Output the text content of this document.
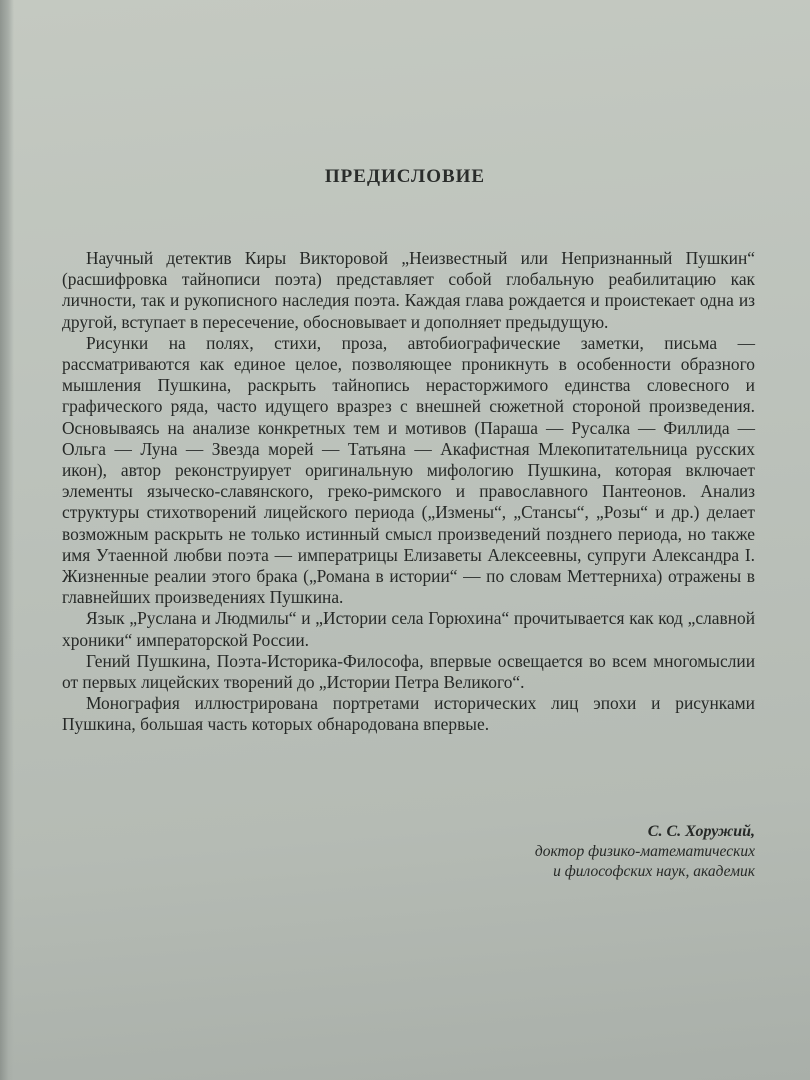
ПРЕДИСЛОВИЕ

Научный детектив Киры Викторовой „Неизвестный или Непризнанный Пушкин“ (расшифровка тайнописи поэта) представляет собой глобальную реабилитацию как личности, так и рукописного наследия поэта. Каждая глава рождается и проистекает одна из другой, вступает в пересечение, обосновывает и дополняет предыдущую.

Рисунки на полях, стихи, проза, автобиографические заметки, письма — рассматриваются как единое целое, позволяющее проникнуть в особенности образного мышления Пушкина, раскрыть тайнопись нерасторжимого единства словесного и графического ряда, часто идущего вразрез с внешней сюжетной стороной произведения. Основываясь на анализе конкретных тем и мотивов (Параша — Русалка — Филлида — Ольга — Луна — Звезда морей — Татьяна — Акафистная Млекопитательница русских икон), автор реконструирует оригинальную мифологию Пушкина, которая включает элементы языческо-славянского, греко-римского и православного Пантеонов. Анализ структуры стихотворений лицейского периода („Измены“, „Стансы“, „Розы“ и др.) делает возможным раскрыть не только истинный смысл произведений позднего периода, но также имя Утаенной любви поэта — императрицы Елизаветы Алексеевны, супруги Александра I. Жизненные реалии этого брака („Романа в истории“ — по словам Меттерниха) отражены в главнейших произведениях Пушкина.

Язык „Руслана и Людмилы“ и „Истории села Горюхина“ прочитывается как код „славной хроники“ императорской России.

Гений Пушкина, Поэта-Историка-Философа, впервые освещается во всем многомыслии от первых лицейских творений до „Истории Петра Великого“.

Монография иллюстрирована портретами исторических лиц эпохи и рисунками Пушкина, большая часть которых обнародована впервые.

С. С. Хоружий,
доктор физико-математических
и философских наук, академик
